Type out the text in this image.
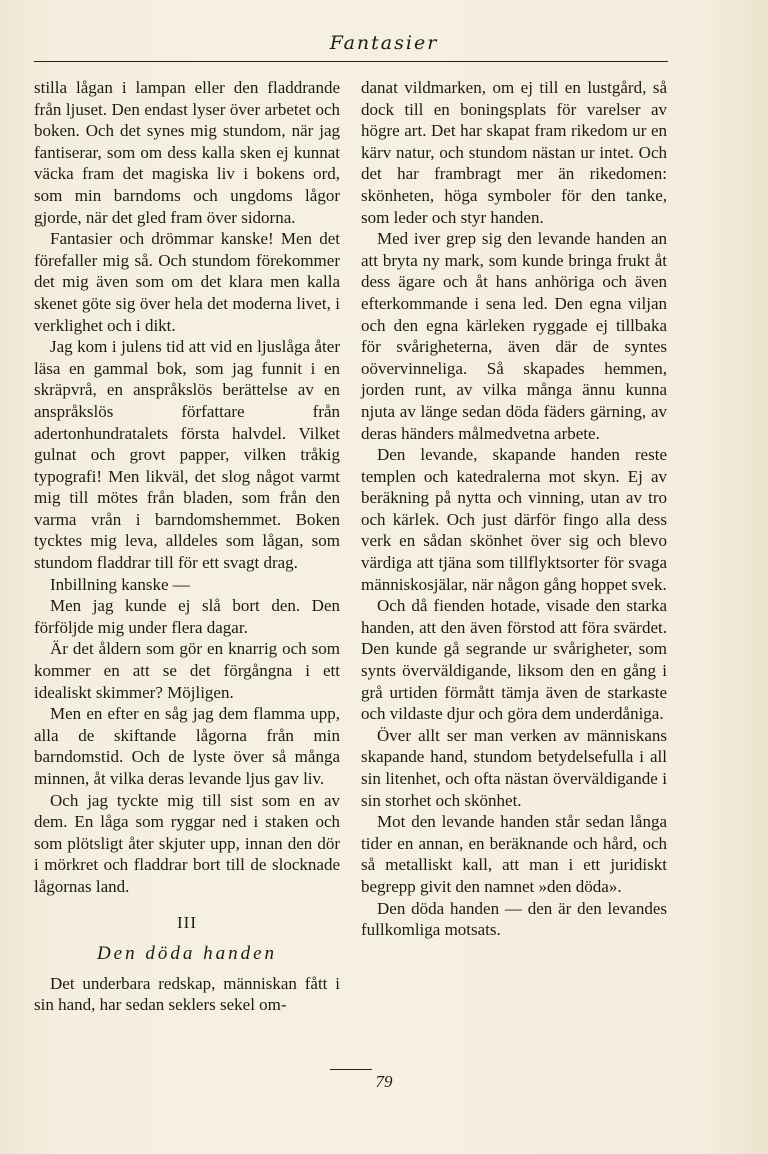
Fantasier

stilla lågan i lampan eller den fladdrande från ljuset. Den endast lyser över arbetet och boken. Och det synes mig stundom, när jag fantiserar, som om dess kalla sken ej kunnat väcka fram det magiska liv i bokens ord, som min barndoms och ungdoms lågor gjorde, när det gled fram över sidorna.

Fantasier och drömmar kanske! Men det förefaller mig så. Och stundom förekommer det mig även som om det klara men kalla skenet göte sig över hela det moderna livet, i verklighet och i dikt.

Jag kom i julens tid att vid en ljuslåga åter läsa en gammal bok, som jag funnit i en skräpvrå, en anspråkslös berättelse av en anspråkslös författare från adertonhundratalets första halvdel. Vilket gulnat och grovt papper, vilken tråkig typografi! Men likväl, det slog något varmt mig till mötes från bladen, som från den varma vrån i barndomshemmet. Boken tycktes mig leva, alldeles som lågan, som stundom fladdrar till för ett svagt drag.

Inbillning kanske —

Men jag kunde ej slå bort den. Den förföljde mig under flera dagar.

Är det åldern som gör en knarrig och som kommer en att se det förgångna i ett idealiskt skimmer? Möjligen.

Men en efter en såg jag dem flamma upp, alla de skiftande lågorna från min barndomstid. Och de lyste över så många minnen, åt vilka deras levande ljus gav liv.

Och jag tyckte mig till sist som en av dem. En låga som ryggar ned i staken och som plötsligt åter skjuter upp, innan den dör i mörkret och fladdrar bort till de slocknade lågornas land.

III
Den döda handen

Det underbara redskap, människan fått i sin hand, har sedan seklers sekel om-

danat vildmarken, om ej till en lustgård, så dock till en boningsplats för varelser av högre art. Det har skapat fram rikedom ur en kärv natur, och stundom nästan ur intet. Och det har frambragt mer än rikedomen: skönheten, höga symboler för den tanke, som leder och styr handen.

Med iver grep sig den levande handen an att bryta ny mark, som kunde bringa frukt åt dess ägare och åt hans anhöriga och även efterkommande i sena led. Den egna viljan och den egna kärleken ryggade ej tillbaka för svårigheterna, även där de syntes oövervinneliga. Så skapades hemmen, jorden runt, av vilka många ännu kunna njuta av länge sedan döda fäders gärning, av deras händers målmedvetna arbete.

Den levande, skapande handen reste templen och katedralerna mot skyn. Ej av beräkning på nytta och vinning, utan av tro och kärlek. Och just därför fingo alla dess verk en sådan skönhet över sig och blevo värdiga att tjäna som tillflyktsorter för svaga människosjälar, när någon gång hoppet svek.

Och då fienden hotade, visade den starka handen, att den även förstod att föra svärdet. Den kunde gå segrande ur svårigheter, som synts överväldigande, liksom den en gång i grå urtiden förmått tämja även de starkaste och vildaste djur och göra dem underdåniga.

Över allt ser man verken av människans skapande hand, stundom betydelsefulla i all sin litenhet, och ofta nästan överväldigande i sin storhet och skönhet.

Mot den levande handen står sedan långa tider en annan, en beräknande och hård, och så metalliskt kall, att man i ett juridiskt begrepp givit den namnet »den döda».

Den döda handen — den är den levandes fullkomliga motsats.

79
